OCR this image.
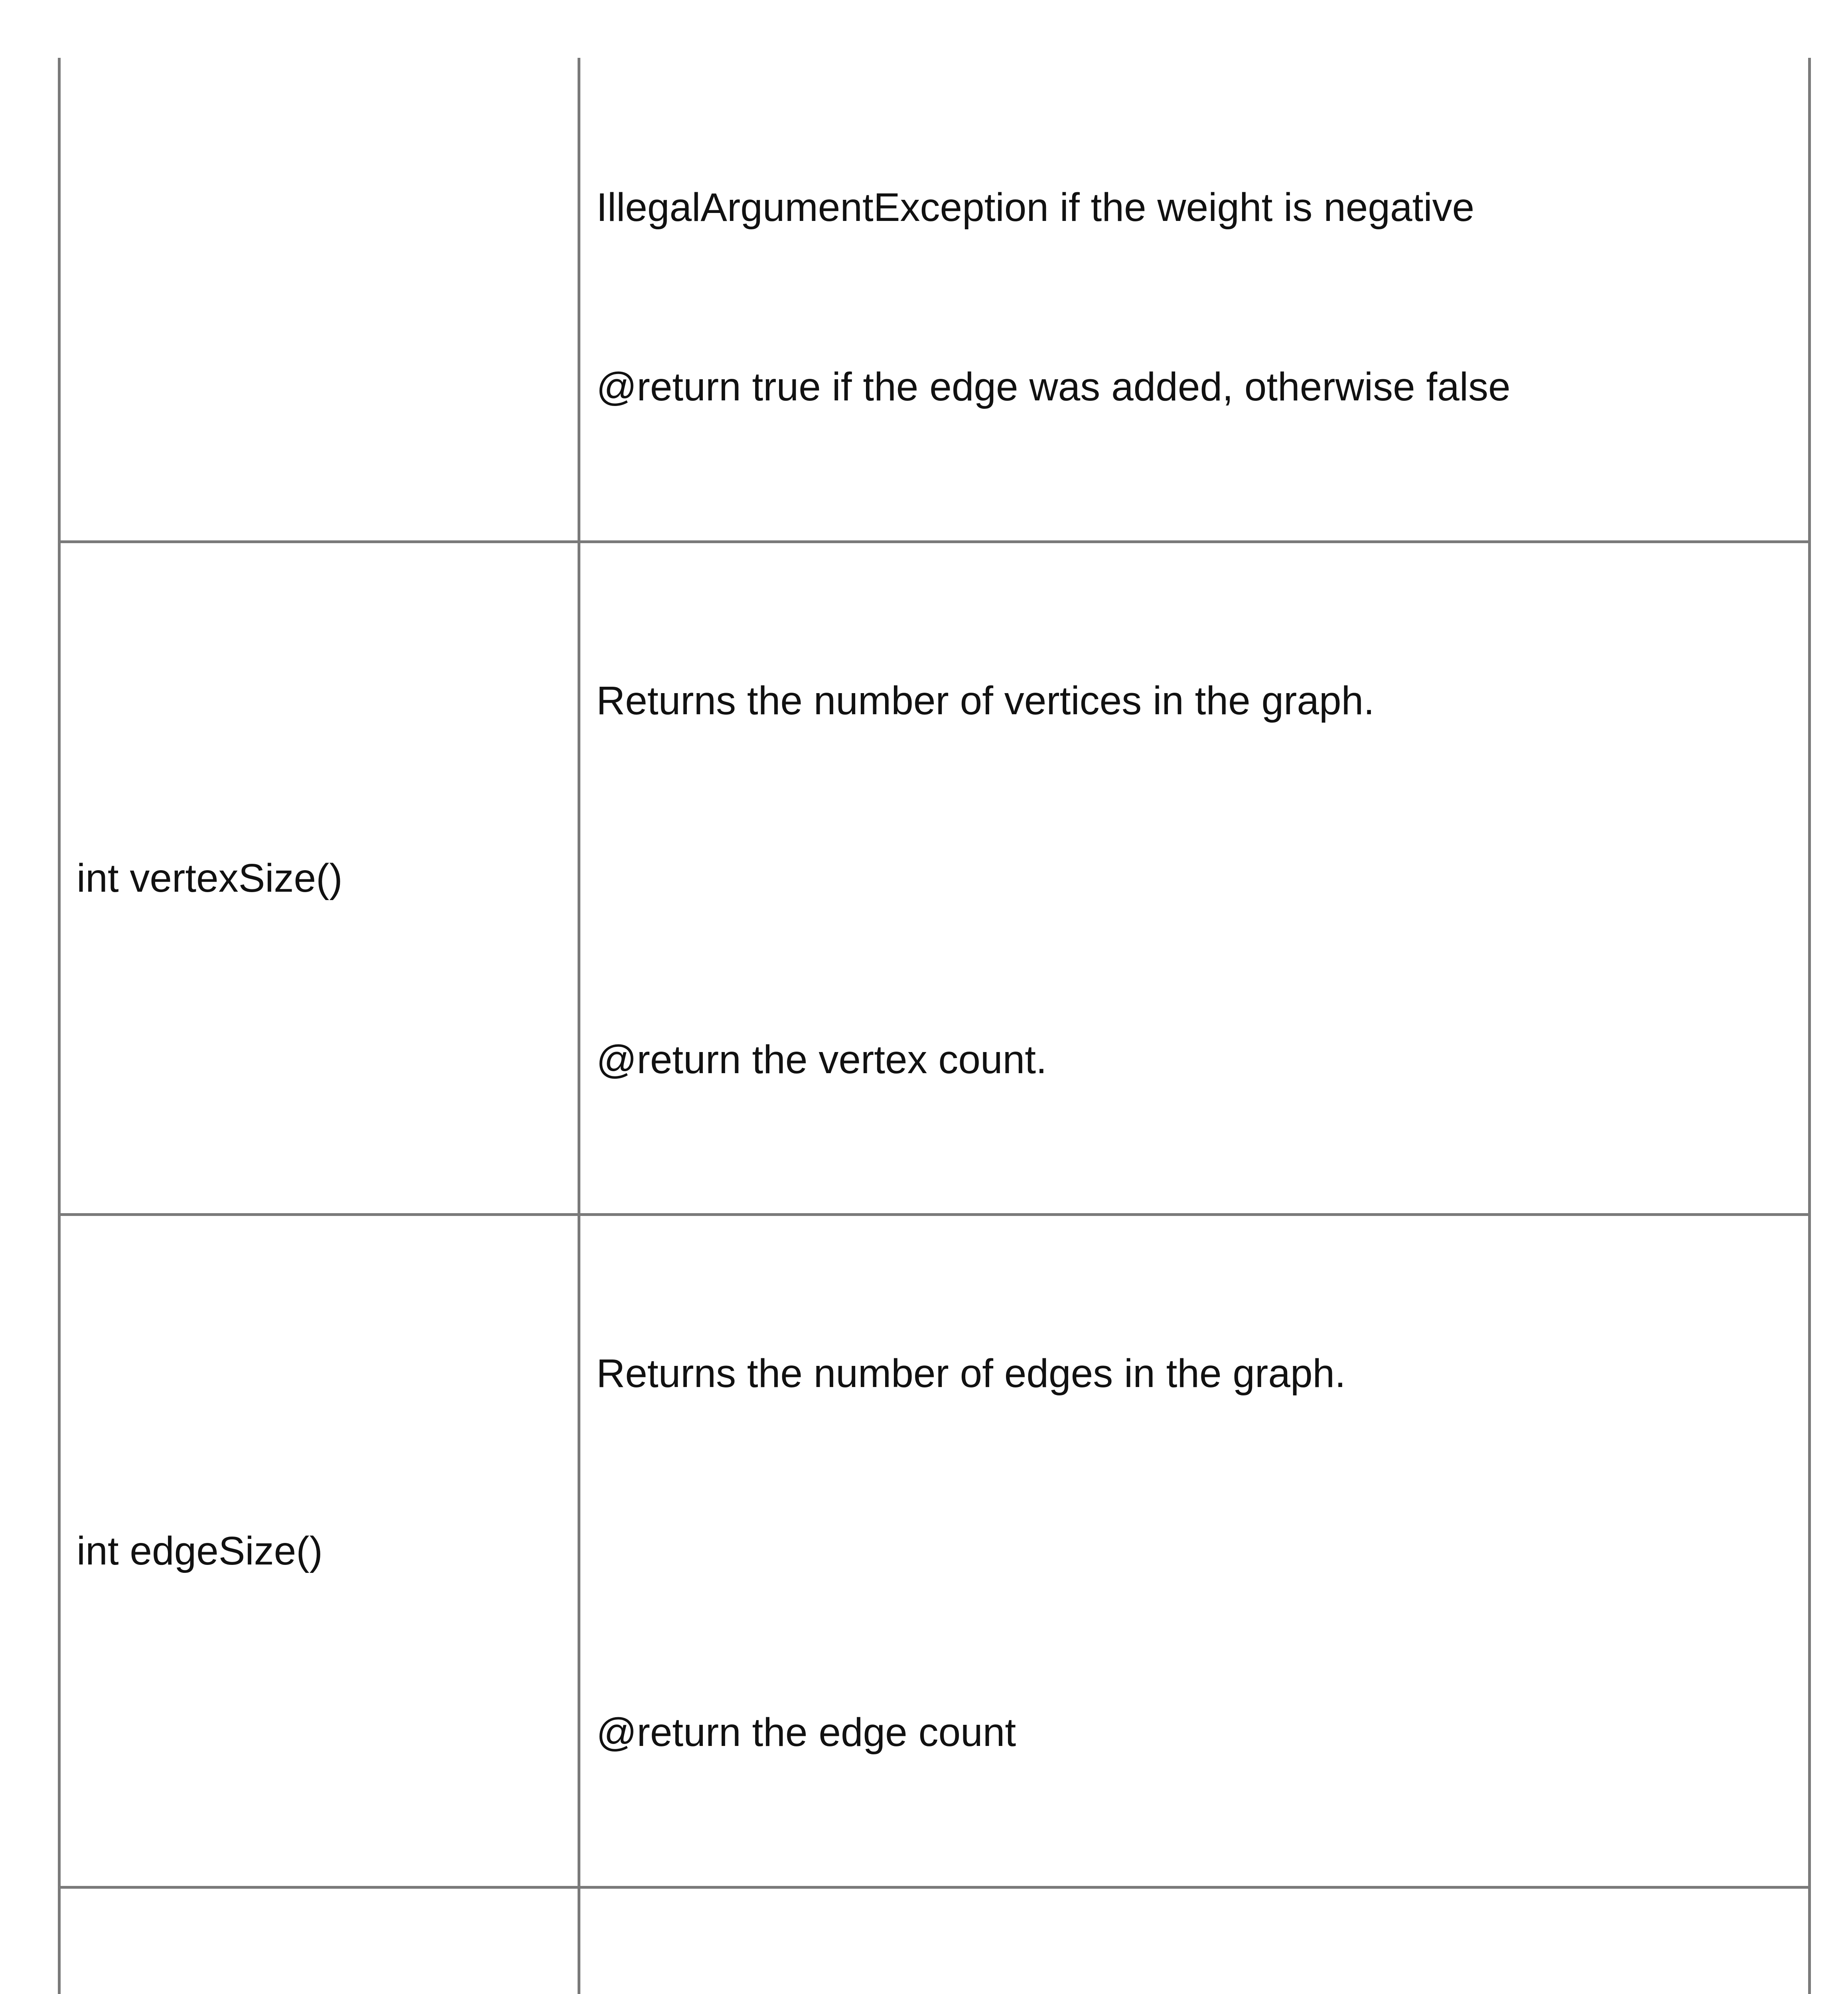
	IllegalArgumentException if the weight is negative

@return true if the edge was added, otherwise false

int vertexSize()	Returns the number of vertices in the graph.

@return the vertex count.

int edgeSize()	Returns the number of edges in the graph.

@return the edge count
